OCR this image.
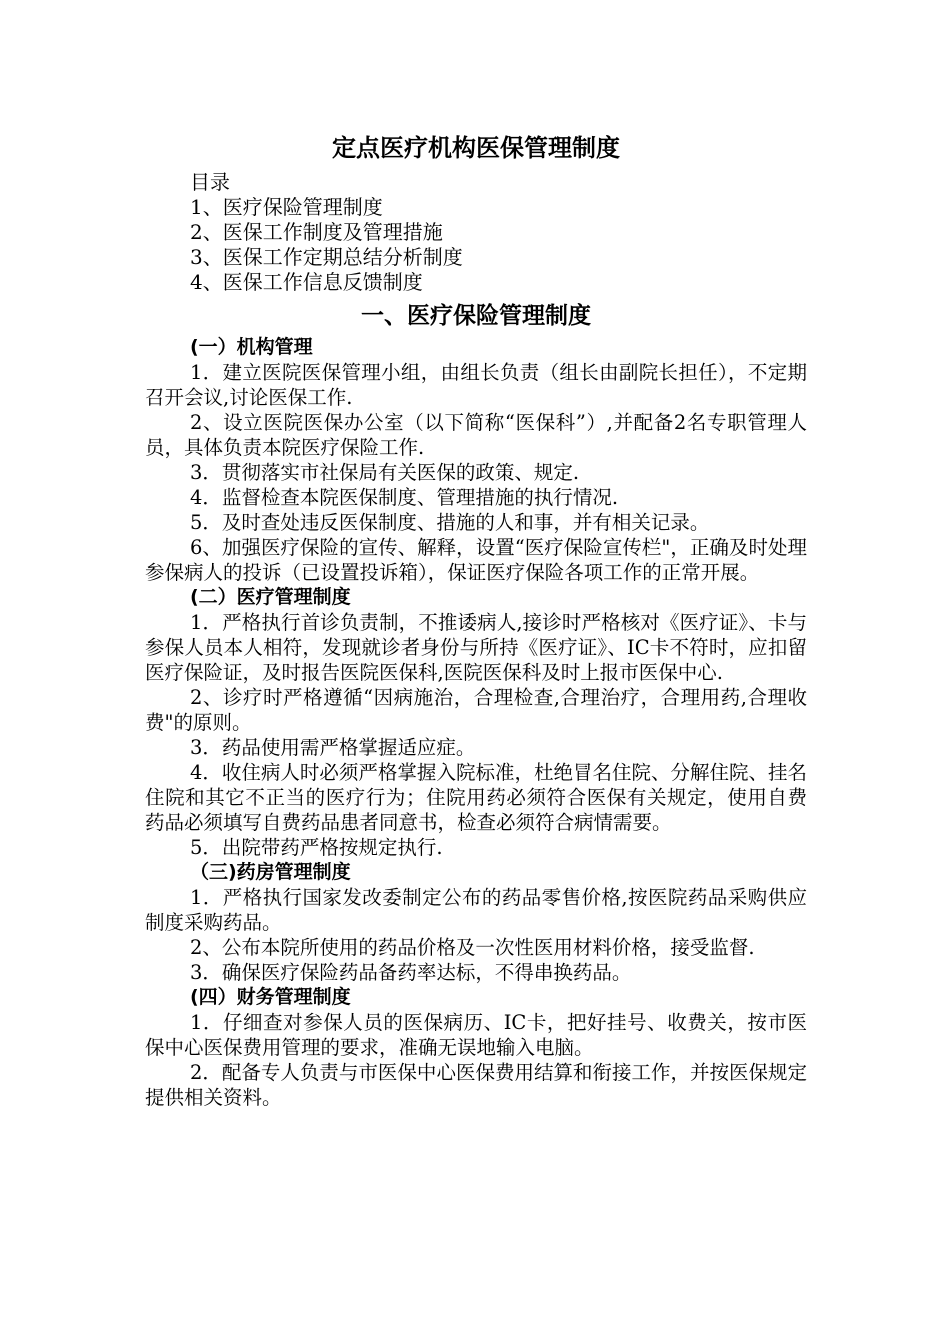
定点医疗机构医保管理制度
目录
1、医疗保险管理制度
2、医保工作制度及管理措施
3、医保工作定期总结分析制度
4、医保工作信息反馈制度
一、医疗保险管理制度
(一）机构管理

1．建立医院医保管理小组，由组长负责（组长由副院长担任），不定期召开会议,讨论医保工作.

2、设立医院医保办公室（以下简称“医保科”）,并配备2名专职管理人员，具体负责本院医疗保险工作.

3．贯彻落实市社保局有关医保的政策、规定.

4．监督检查本院医保制度、管理措施的执行情况.

5．及时查处违反医保制度、措施的人和事，并有相关记录。

6、加强医疗保险的宣传、解释，设置“医疗保险宣传栏"，正确及时处理参保病人的投诉（已设置投诉箱），保证医疗保险各项工作的正常开展。

(二）医疗管理制度

1．严格执行首诊负责制，不推诿病人,接诊时严格核对《医疗证》、卡与参保人员本人相符，发现就诊者身份与所持《医疗证》、IC卡不符时，应扣留医疗保险证，及时报告医院医保科,医院医保科及时上报市医保中心.

2、诊疗时严格遵循“因病施治，合理检查,合理治疗，合理用药,合理收费"的原则。

3．药品使用需严格掌握适应症。

4．收住病人时必须严格掌握入院标准，杜绝冒名住院、分解住院、挂名住院和其它不正当的医疗行为；住院用药必须符合医保有关规定，使用自费药品必须填写自费药品患者同意书，检查必须符合病情需要。

5．出院带药严格按规定执行.

（三)药房管理制度

1．严格执行国家发改委制定公布的药品零售价格,按医院药品采购供应制度采购药品。

2、公布本院所使用的药品价格及一次性医用材料价格，接受监督.

3．确保医疗保险药品备药率达标，不得串换药品。

(四）财务管理制度

1．仔细查对参保人员的医保病历、IC卡，把好挂号、收费关，按市医保中心医保费用管理的要求，准确无误地输入电脑。

2．配备专人负责与市医保中心医保费用结算和衔接工作，并按医保规定提供相关资料。
